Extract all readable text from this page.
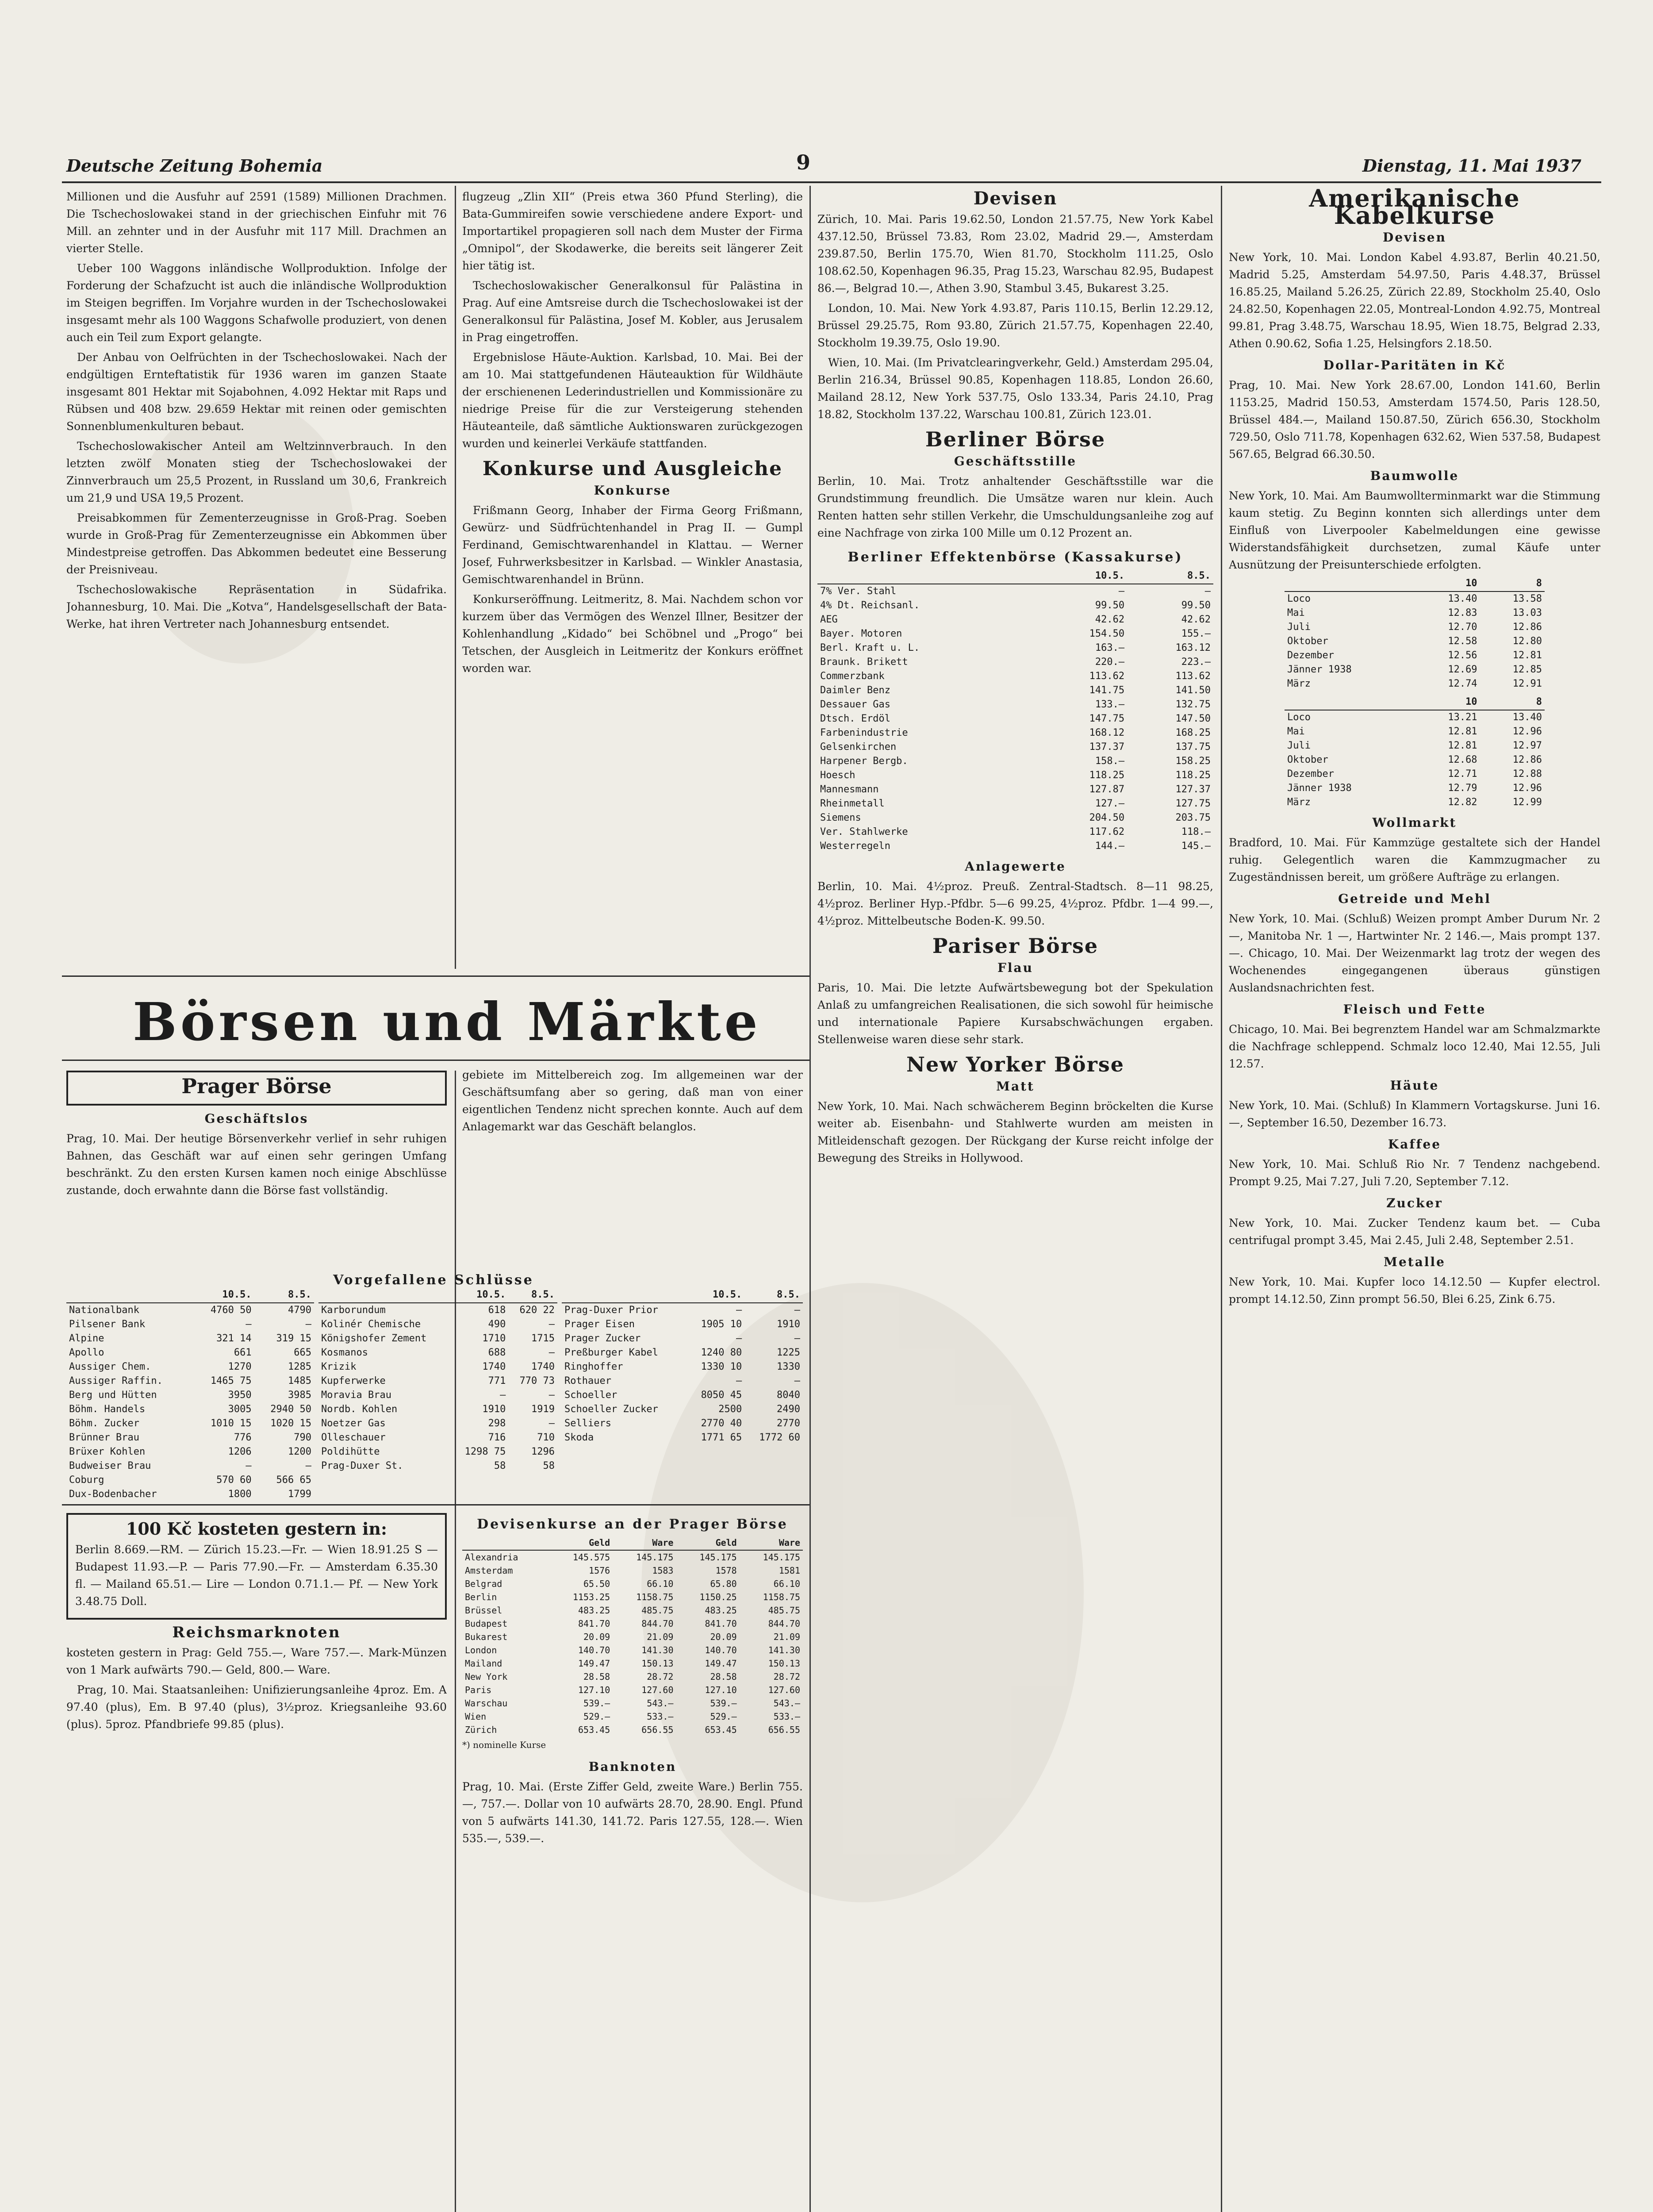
Deutsche Zeitung Bohemia	9	Dienstag, 11. Mai 1937

Millionen und die Ausfuhr auf 2591 (1589) Millionen Drachmen. Die Tschechoslowakei stand in der griechischen Einfuhr mit 76 Mill. an zehnter und in der Ausfuhr mit 117 Mill. Drachmen an vierter Stelle.

Ueber 100 Waggons inländische Wollproduktion. Infolge der Forderung der Schafzucht ist auch die inländische Wollproduktion im Steigen begriffen. Im Vorjahre wurden in der Tschechoslowakei insgesamt mehr als 100 Waggons Schafwolle produziert, von denen auch ein Teil zum Export gelangte.

Der Anbau von Oelfrüchten in der Tschechoslowakei. Nach der endgültigen Ernteftatistik für 1936 waren im ganzen Staate insgesamt 801 Hektar mit Sojabohnen, 4.092 Hektar mit Raps und Rübsen und 408 bzw. 29.659 Hektar mit reinen oder gemischten Sonnenblumenkulturen bebaut.

Tschechoslowakischer Anteil am Weltzinnverbrauch. In den letzten zwölf Monaten stieg der Tschechoslowakei der Zinnverbrauch um 25,5 Prozent, in Russland um 30,6, Frankreich um 21,9 und USA 19,5 Prozent.

Preisabkommen für Zementerzeugnisse in Groß-Prag. Soeben wurde in Groß-Prag für Zementerzeugnisse ein Abkommen über Mindestpreise getroffen. Das Abkommen bedeutet eine Besserung der Preisniveau.

Tschechoslowakische Repräsentation in Südafrika. Johannesburg, 10. Mai. Die „Kotva“, Handelsgesellschaft der Bata-Werke, hat ihren Vertreter nach Johannesburg entsendet.

flugzeug „Zlin XII“ (Preis etwa 360 Pfund Sterling), die Bata-Gummireifen sowie verschiedene andere Export- und Importartikel propagieren soll nach dem Muster der Firma „Omnipol“, der Skodawerke, die bereits seit längerer Zeit hier tätig ist.

Tschechoslowakischer Generalkonsul für Palästina in Prag. Auf eine Amtsreise durch die Tschechoslowakei ist der Generalkonsul für Palästina, Josef M. Kobler, aus Jerusalem in Prag eingetroffen.

Ergebnislose Häute-Auktion. Karlsbad, 10. Mai. Bei der am 10. Mai stattgefundenen Häuteauktion für Wildhäute der erschienenen Lederindustriellen und Kommissionäre zu niedrige Preise für die zur Versteigerung stehenden Häuteanteile, daß sämtliche Auktionswaren zurückgezogen wurden und keinerlei Verkäufe stattfanden.

Konkurse und Ausgleiche
Konkurse

Frißmann Georg, Inhaber der Firma Georg Frißmann, Gewürz- und Südfrüchtenhandel in Prag II. — Gumpl Ferdinand, Gemischtwarenhandel in Klattau. — Werner Josef, Fuhrwerksbesitzer in Karlsbad. — Winkler Anastasia, Gemischtwarenhandel in Brünn.

Konkurseröffnung. Leitmeritz, 8. Mai. Nachdem schon vor kurzem über das Vermögen des Wenzel Illner, Besitzer der Kohlenhandlung „Kidado“ bei Schöbnel und „Progo“ bei Tetschen, der Ausgleich in Leitmeritz der Konkurs eröffnet worden war.

Börsen und Märkte
Prager Börse
Geschäftslos

Prag, 10. Mai. Der heutige Börsenverkehr verlief in sehr ruhigen Bahnen, das Geschäft war auf einen sehr geringen Umfang beschränkt. Zu den ersten Kursen kamen noch einige Abschlüsse zustande, doch erwahnte dann die Börse fast vollständig.

gebiete im Mittelbereich zog. Im allgemeinen war der Geschäftsumfang aber so gering, daß man von einer eigentlichen Tendenz nicht sprechen konnte. Auch auf dem Anlagemarkt war das Geschäft belanglos.

Vorgefallene Schlüsse
	10.5.	8.5.
Nationalbank	4760 50	4790
Pilsener Bank	—	—
Alpine	321 14	319 15
Apollo	661	665
Aussiger Chem.	1270	1285
Aussiger Raffin.	1465 75	1485
Berg und Hütten	3950	3985
Böhm. Handels	3005	2940 50
Böhm. Zucker	1010 15	1020 15
Brünner Brau	776	790
Brüxer Kohlen	1206	1200
Budweiser Brau	—	—
Coburg	570 60	566 65
Dux-Bodenbacher	1800	1799

	10.5.	8.5.
Karborundum	618	620 22
Kolinér Chemische	490	—
Königshofer Zement	1710	1715
Kosmanos	688	—
Krizik	1740	1740
Kupferwerke	771	770 73
Moravia Brau	—	—
Nordb. Kohlen	1910	1919
Noetzer Gas	298	—
Olleschauer	716	710
Poldihütte	1298 75	1296
Prag-Duxer St.	58	58
	10.5.	8.5.
Prag-Duxer Prior	—	—
Prager Eisen	1905 10	1910
Prager Zucker	—	—
Preßburger Kabel	1240 80	1225
Ringhoffer	1330 10	1330
Rothauer	—	—
Schoeller	8050 45	8040
Schoeller Zucker	2500	2490
Selliers	2770 40	2770
Skoda	1771 65	1772 60
100 Kč kosteten gestern in:

Berlin 8.669.—RM. — Zürich 15.23.—Fr. — Wien 18.91.25 S — Budapest 11.93.—P. — Paris 77.90.—Fr. — Amsterdam 6.35.30 fl. — Mailand 65.51.— Lire — London 0.71.1.— Pf. — New York 3.48.75 Doll.

Reichsmarknoten

kosteten gestern in Prag: Geld 755.—, Ware 757.—. Mark-Münzen von 1 Mark aufwärts 790.— Geld, 800.— Ware.

Prag, 10. Mai. Staatsanleihen: Unifizierungsanleihe 4proz. Em. A 97.40 (plus), Em. B 97.40 (plus), 3½proz. Kriegsanleihe 93.60 (plus). 5proz. Pfandbriefe 99.85 (plus).

Devisenkurse an der Prager Börse
	Geld	Ware	Geld	Ware
Alexandria	145.575	145.175	145.175	145.175
Amsterdam	1576	1583	1578	1581
Belgrad	65.50	66.10	65.80	66.10
Berlin	1153.25	1158.75	1150.25	1158.75
Brüssel	483.25	485.75	483.25	485.75
Budapest	841.70	844.70	841.70	844.70
Bukarest	20.09	21.09	20.09	21.09
London	140.70	141.30	140.70	141.30
Mailand	149.47	150.13	149.47	150.13
New York	28.58	28.72	28.58	28.72
Paris	127.10	127.60	127.10	127.60
Warschau	539.—	543.—	539.—	543.—
Wien	529.—	533.—	529.—	533.—
Zürich	653.45	656.55	653.45	656.55

*) nominelle Kurse

Banknoten

Prag, 10. Mai. (Erste Ziffer Geld, zweite Ware.) Berlin 755.—, 757.—. Dollar von 10 aufwärts 28.70, 28.90. Engl. Pfund von 5 aufwärts 141.30, 141.72. Paris 127.55, 128.—. Wien 535.—, 539.—.

Devisen

Zürich, 10. Mai. Paris 19.62.50, London 21.57.75, New York Kabel 437.12.50, Brüssel 73.83, Rom 23.02, Madrid 29.—, Amsterdam 239.87.50, Berlin 175.70, Wien 81.70, Stockholm 111.25, Oslo 108.62.50, Kopenhagen 96.35, Prag 15.23, Warschau 82.95, Budapest 86.—, Belgrad 10.—, Athen 3.90, Stambul 3.45, Bukarest 3.25.

London, 10. Mai. New York 4.93.87, Paris 110.15, Berlin 12.29.12, Brüssel 29.25.75, Rom 93.80, Zürich 21.57.75, Kopenhagen 22.40, Stockholm 19.39.75, Oslo 19.90.

Wien, 10. Mai. (Im Privatclearingverkehr, Geld.) Amsterdam 295.04, Berlin 216.34, Brüssel 90.85, Kopenhagen 118.85, London 26.60, Mailand 28.12, New York 537.75, Oslo 133.34, Paris 24.10, Prag 18.82, Stockholm 137.22, Warschau 100.81, Zürich 123.01.

Berliner Börse
Geschäftsstille

Berlin, 10. Mai. Trotz anhaltender Geschäftsstille war die Grundstimmung freundlich. Die Umsätze waren nur klein. Auch Renten hatten sehr stillen Verkehr, die Umschuldungsanleihe zog auf eine Nachfrage von zirka 100 Mille um 0.12 Prozent an.

Berliner Effektenbörse (Kassakurse)
	10.5.	8.5.
7% Ver. Stahl	—	—
4% Dt. Reichsanl.	99.50	99.50
AEG	42.62	42.62
Bayer. Motoren	154.50	155.—
Berl. Kraft u. L.	163.—	163.12
Braunk. Brikett	220.—	223.—
Commerzbank	113.62	113.62
Daimler Benz	141.75	141.50
Dessauer Gas	133.—	132.75
Dtsch. Erdöl	147.75	147.50
Farbenindustrie	168.12	168.25
Gelsenkirchen	137.37	137.75
Harpener Bergb.	158.—	158.25
Hoesch	118.25	118.25
Mannesmann	127.87	127.37
Rheinmetall	127.—	127.75
Siemens	204.50	203.75
Ver. Stahlwerke	117.62	118.—
Westerregeln	144.—	145.—
Anlagewerte

Berlin, 10. Mai. 4½proz. Preuß. Zentral-Stadtsch. 8—11 98.25, 4½proz. Berliner Hyp.-Pfdbr. 5—6 99.25, 4½proz. Pfdbr. 1—4 99.—, 4½proz. Mittelbeutsche Boden-K. 99.50.

Pariser Börse
Flau

Paris, 10. Mai. Die letzte Aufwärtsbewegung bot der Spekulation Anlaß zu umfangreichen Realisationen, die sich sowohl für heimische und internationale Papiere Kursabschwächungen ergaben. Stellenweise waren diese sehr stark.

New Yorker Börse
Matt

New York, 10. Mai. Nach schwächerem Beginn bröckelten die Kurse weiter ab. Eisenbahn- und Stahlwerte wurden am meisten in Mitleidenschaft gezogen. Der Rückgang der Kurse reicht infolge der Bewegung des Streiks in Hollywood.

Amerikanische Kabelkurse
Devisen

New York, 10. Mai. London Kabel 4.93.87, Berlin 40.21.50, Madrid 5.25, Amsterdam 54.97.50, Paris 4.48.37, Brüssel 16.85.25, Mailand 5.26.25, Zürich 22.89, Stockholm 25.40, Oslo 24.82.50, Kopenhagen 22.05, Montreal-London 4.92.75, Montreal 99.81, Prag 3.48.75, Warschau 18.95, Wien 18.75, Belgrad 2.33, Athen 0.90.62, Sofia 1.25, Helsingfors 2.18.50.

Dollar-Paritäten in Kč

Prag, 10. Mai. New York 28.67.00, London 141.60, Berlin 1153.25, Madrid 150.53, Amsterdam 1574.50, Paris 128.50, Brüssel 484.—, Mailand 150.87.50, Zürich 656.30, Stockholm 729.50, Oslo 711.78, Kopenhagen 632.62, Wien 537.58, Budapest 567.65, Belgrad 66.30.50.

Baumwolle

New York, 10. Mai. Am Baumwollterminmarkt war die Stimmung kaum stetig. Zu Beginn konnten sich allerdings unter dem Einfluß von Liverpooler Kabelmeldungen eine gewisse Widerstandsfähigkeit durchsetzen, zumal Käufe unter Ausnützung der Preisunterschiede erfolgten.

	10	8
Loco	13.40	13.58
Mai	12.83	13.03
Juli	12.70	12.86
Oktober	12.58	12.80
Dezember	12.56	12.81
Jänner 1938	12.69	12.85
März	12.74	12.91
	10	8
Loco	13.21	13.40
Mai	12.81	12.96
Juli	12.81	12.97
Oktober	12.68	12.86
Dezember	12.71	12.88
Jänner 1938	12.79	12.96
März	12.82	12.99
Wollmarkt

Bradford, 10. Mai. Für Kammzüge gestaltete sich der Handel ruhig. Gelegentlich waren die Kammzugmacher zu Zugeständnissen bereit, um größere Aufträge zu erlangen.

Getreide und Mehl

New York, 10. Mai. (Schluß) Weizen prompt Amber Durum Nr. 2 —, Manitoba Nr. 1 —, Hartwinter Nr. 2 146.—, Mais prompt 137.—. Chicago, 10. Mai. Der Weizenmarkt lag trotz der wegen des Wochenendes eingegangenen überaus günstigen Auslandsnachrichten fest.

Fleisch und Fette

Chicago, 10. Mai. Bei begrenztem Handel war am Schmalzmarkte die Nachfrage schleppend. Schmalz loco 12.40, Mai 12.55, Juli 12.57.

Häute

New York, 10. Mai. (Schluß) In Klammern Vortagskurse. Juni 16.—, September 16.50, Dezember 16.73.

Kaffee

New York, 10. Mai. Schluß Rio Nr. 7 Tendenz nachgebend. Prompt 9.25, Mai 7.27, Juli 7.20, September 7.12.

Zucker

New York, 10. Mai. Zucker Tendenz kaum bet. — Cuba centrifugal prompt 3.45, Mai 2.45, Juli 2.48, September 2.51.

Metalle

New York, 10. Mai. Kupfer loco 14.12.50 — Kupfer electrol. prompt 14.12.50, Zinn prompt 56.50, Blei 6.25, Zink 6.75.
